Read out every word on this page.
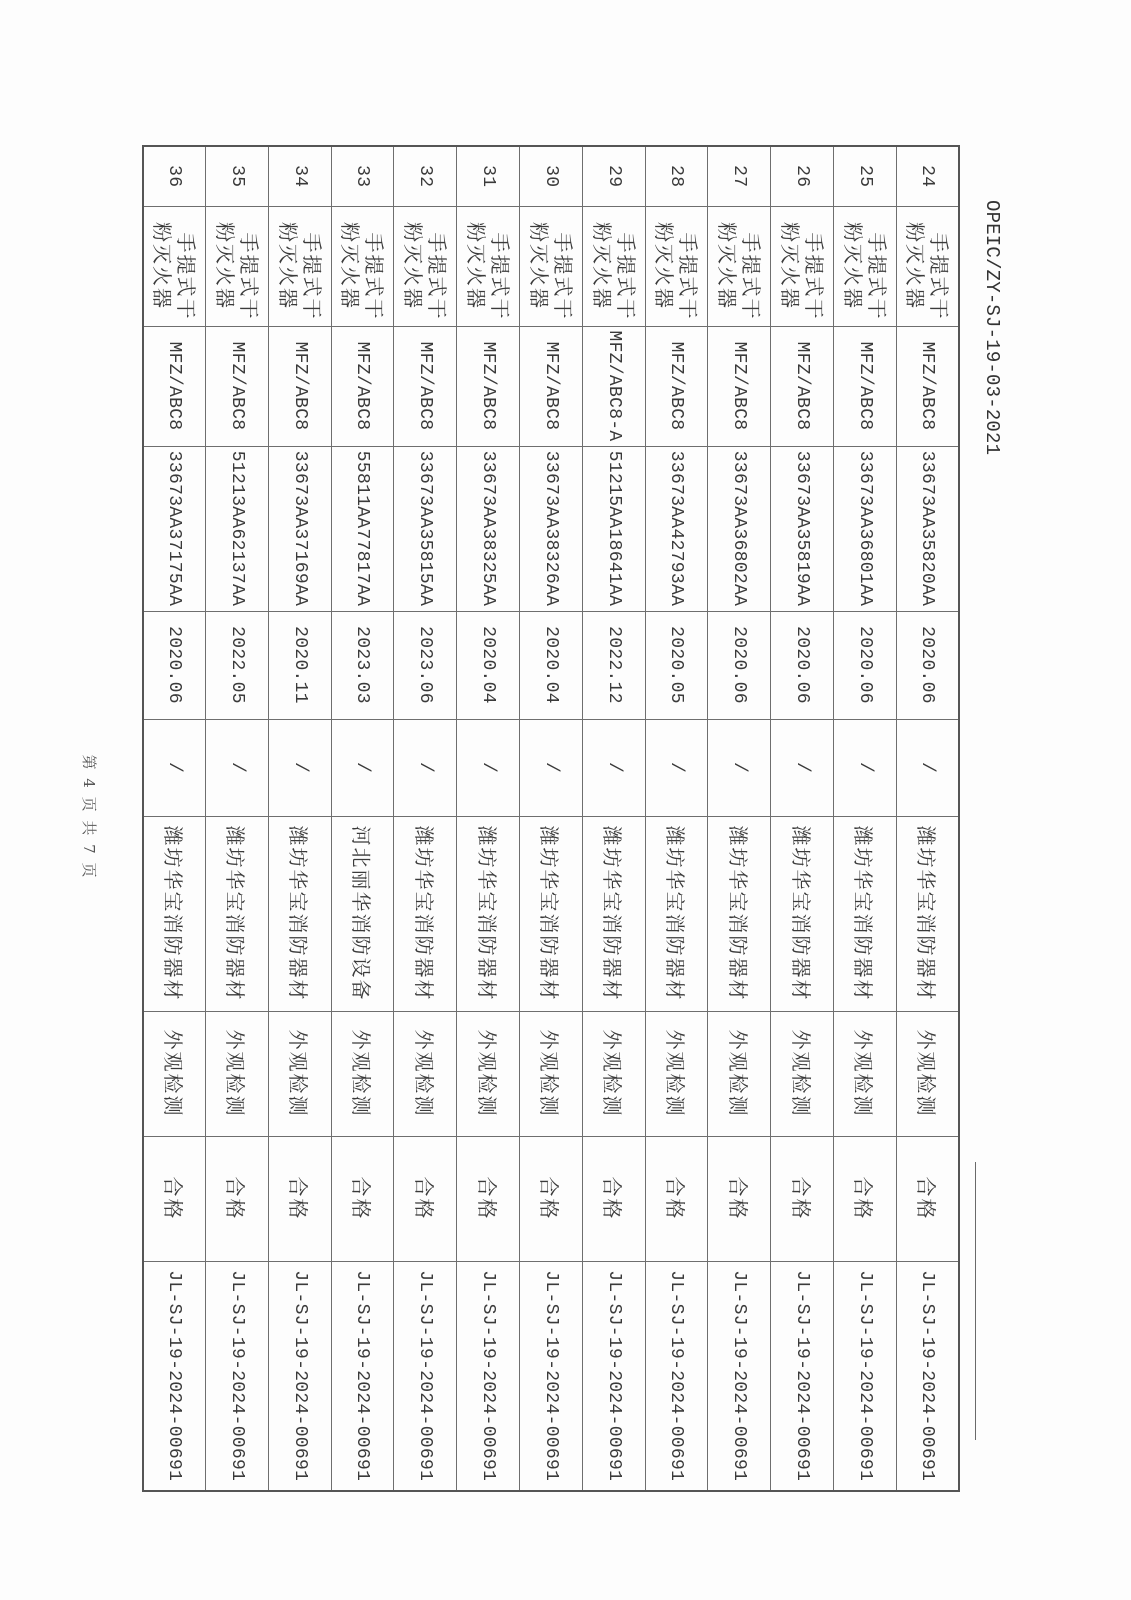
OPEIC/ZY-SJ-19-03-2021
24	手提式干粉灭火器	MFZ/ABC8	33673AA35820AA	2020.06	/	潍坊华宝消防器材	外观检测	合格	JL-SJ-19-2024-00691
25	手提式干粉灭火器	MFZ/ABC8	33673AA36801AA	2020.06	/	潍坊华宝消防器材	外观检测	合格	JL-SJ-19-2024-00691
26	手提式干粉灭火器	MFZ/ABC8	33673AA35819AA	2020.06	/	潍坊华宝消防器材	外观检测	合格	JL-SJ-19-2024-00691
27	手提式干粉灭火器	MFZ/ABC8	33673AA36802AA	2020.06	/	潍坊华宝消防器材	外观检测	合格	JL-SJ-19-2024-00691
28	手提式干粉灭火器	MFZ/ABC8	33673AA42793AA	2020.05	/	潍坊华宝消防器材	外观检测	合格	JL-SJ-19-2024-00691
29	手提式干粉灭火器	MFZ/ABC8-A	51215AA18641AA	2022.12	/	潍坊华宝消防器材	外观检测	合格	JL-SJ-19-2024-00691
30	手提式干粉灭火器	MFZ/ABC8	33673AA38326AA	2020.04	/	潍坊华宝消防器材	外观检测	合格	JL-SJ-19-2024-00691
31	手提式干粉灭火器	MFZ/ABC8	33673AA38325AA	2020.04	/	潍坊华宝消防器材	外观检测	合格	JL-SJ-19-2024-00691
32	手提式干粉灭火器	MFZ/ABC8	33673AA35815AA	2023.06	/	潍坊华宝消防器材	外观检测	合格	JL-SJ-19-2024-00691
33	手提式干粉灭火器	MFZ/ABC8	55811AA77817AA	2023.03	/	河北丽华消防设备	外观检测	合格	JL-SJ-19-2024-00691
34	手提式干粉灭火器	MFZ/ABC8	33673AA37169AA	2020.11	/	潍坊华宝消防器材	外观检测	合格	JL-SJ-19-2024-00691
35	手提式干粉灭火器	MFZ/ABC8	51213AA62137AA	2022.05	/	潍坊华宝消防器材	外观检测	合格	JL-SJ-19-2024-00691
36	手提式干粉灭火器	MFZ/ABC8	33673AA37175AA	2020.06	/	潍坊华宝消防器材	外观检测	合格	JL-SJ-19-2024-00691
第 4 页 共 7 页
